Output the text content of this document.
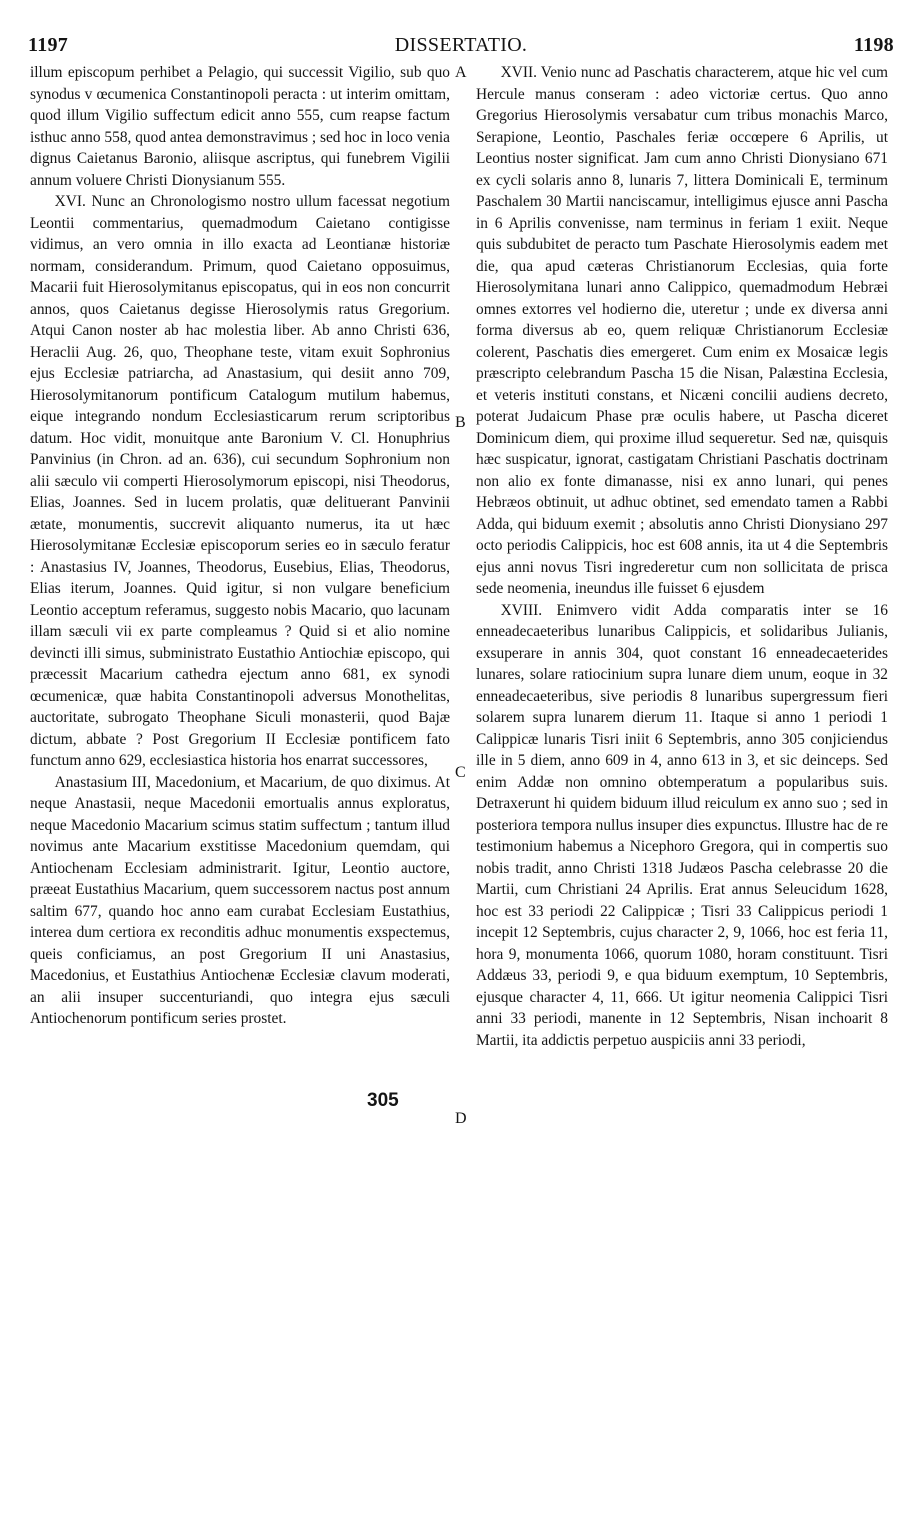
1197	DISSERTATIO.	1198

illum episcopum perhibet a Pelagio, qui successit Vigilio, sub quo synodus v œcumenica Constantinopoli peracta : ut interim omittam, quod illum Vigilio suffectum edicit anno 555, cum reapse factum isthuc anno 558, quod antea demonstravimus ; sed hoc in loco venia dignus Caietanus Baronio, aliisque ascriptus, qui funebrem Vigilii annum voluere Christi Dionysianum 555.

XVI. Nunc an Chronologismo nostro ullum facessat negotium Leontii commentarius, quemadmodum Caietano contigisse vidimus, an vero omnia in illo exacta ad Leontianæ historiæ normam, considerandum. Primum, quod Caietano opposuimus, Macarii fuit Hierosolymitanus episcopatus, qui in eos non concurrit annos, quos Caietanus degisse Hierosolymis ratus Gregorium. Atqui Canon noster ab hac molestia liber. Ab anno Christi 636, Heraclii Aug. 26, quo, Theophane teste, vitam exuit Sophronius ejus Ecclesiæ patriarcha, ad Anastasium, qui desiit anno 709, Hierosolymitanorum pontificum Catalogum mutilum habemus, eique integrando nondum Ecclesiasticarum rerum scriptoribus datum. Hoc vidit, monuitque ante Baronium V. Cl. Honuphrius Panvinius (in Chron. ad an. 636), cui secundum Sophronium non alii sæculo vii comperti Hierosolymorum episcopi, nisi Theodorus, Elias, Joannes. Sed in lucem prolatis, quæ delituerant Panvinii ætate, monumentis, succrevit aliquanto numerus, ita ut hæc Hierosolymitanæ Ecclesiæ episcoporum series eo in sæculo feratur : Anastasius IV, Joannes, Theodorus, Eusebius, Elias, Theodorus, Elias iterum, Joannes. Quid igitur, si non vulgare beneficium Leontio acceptum referamus, suggesto nobis Macario, quo lacunam illam sæculi vii ex parte compleamus ? Quid si et alio nomine devincti illi simus, subministrato Eustathio Antiochiæ episcopo, qui præcessit Macarium cathedra ejectum anno 681, ex synodi œcumenicæ, quæ habita Constantinopoli adversus Monothelitas, auctoritate, subrogato Theophane Siculi monasterii, quod Bajæ dictum, abbate ? Post Gregorium II Ecclesiæ pontificem fato functum anno 629, ecclesiastica historia hos enarrat successores,

Anastasium III, Macedonium, et Macarium, de quo diximus. At neque Anastasii, neque Macedonii emortualis annus exploratus, neque Macedonio Macarium scimus statim suffectum ; tantum illud novimus ante Macarium exstitisse Macedonium quemdam, qui Antiochenam Ecclesiam administrarit. Igitur, Leontio auctore, præeat Eustathius Macarium, quem successorem nactus post annum saltim 677, quando hoc anno eam curabat Ecclesiam Eustathius, interea dum certiora ex reconditis adhuc monumentis exspectemus, queis conficiamus, an post Gregorium II uni Anastasius, Macedonius, et Eustathius Antiochenæ Ecclesiæ clavum moderati, an alii insuper succenturiandi, quo integra ejus sæculi Antiochenorum pontificum series prostet.

XVII. Venio nunc ad Paschatis characterem, atque hic vel cum Hercule manus conseram : adeo victoriæ certus. Quo anno Gregorius Hierosolymis versabatur cum tribus monachis Marco, Serapione, Leontio, Paschales feriæ occœpere 6 Aprilis, ut Leontius noster significat. Jam cum anno Christi Dionysiano 671 ex cycli solaris anno 8, lunaris 7, littera Dominicali E, terminum Paschalem 30 Martii nanciscamur, intelligimus ejusce anni Pascha in 6 Aprilis convenisse, nam terminus in feriam 1 exiit. Neque quis subdubitet de peracto tum Paschate Hierosolymis eadem met die, qua apud cæteras Christianorum Ecclesias, quia forte Hierosolymitana lunari anno Calippico, quemadmodum Hebræi omnes extorres vel hodierno die, uteretur ; unde ex diversa anni forma diversus ab eo, quem reliquæ Christianorum Ecclesiæ colerent, Paschatis dies emergeret. Cum enim ex Mosaicæ legis præscripto celebrandum Pascha 15 die Nisan, Palæstina Ecclesia, et veteris instituti constans, et Nicæni concilii audiens decreto, poterat Judaicum Phase præ oculis habere, ut Pascha diceret Dominicum diem, qui proxime illud sequeretur. Sed næ, quisquis hæc suspicatur, ignorat, castigatam Christiani Paschatis doctrinam non alio ex fonte dimanasse, nisi ex anno lunari, qui penes Hebræos obtinuit, ut adhuc obtinet, sed emendato tamen a Rabbi Adda, qui biduum exemit ; absolutis anno Christi Dionysiano 297 octo periodis Calippicis, hoc est 608 annis, ita ut 4 die Septembris ejus anni novus Tisri ingrederetur cum non sollicitata de prisca sede neomenia, ineundus ille fuisset 6 ejusdem

XVIII. Enimvero vidit Adda comparatis inter se 16 enneadecaeteribus lunaribus Calippicis, et solidaribus Julianis, exsuperare in annis 304, quot constant 16 enneadecaeterides lunares, solare ratiocinium supra lunare diem unum, eoque in 32 enneadecaeteribus, sive periodis 8 lunaribus supergressum fieri solarem supra lunarem dierum 11. Itaque si anno 1 periodi 1 Calippicæ lunaris Tisri iniit 6 Septembris, anno 305 conjiciendus ille in 5 diem, anno 609 in 4, anno 613 in 3, et sic deinceps. Sed enim Addæ non omnino obtemperatum a popularibus suis. Detraxerunt hi quidem biduum illud reiculum ex anno suo ; sed in posteriora tempora nullus insuper dies expunctus. Illustre hac de re testimonium habemus a Nicephoro Gregora, qui in compertis suo nobis tradit, anno Christi 1318 Judæos Pascha celebrasse 20 die Martii, cum Christiani 24 Aprilis. Erat annus Seleucidum 1628, hoc est 33 periodi 22 Calippicæ ; Tisri 33 Calippicus periodi 1 incepit 12 Septembris, cujus character 2, 9, 1066, hoc est feria 11, hora 9, monumenta 1066, quorum 1080, horam constituunt. Tisri Addæus 33, periodi 9, e qua biduum exemptum, 10 Septembris, ejusque character 4, 11, 666. Ut igitur neomenia Calippici Tisri anni 33 periodi, manente in 12 Septembris, Nisan inchoarit 8 Martii, ita addictis perpetuo auspiciis anni 33 periodi,

A
B
C
D
305
